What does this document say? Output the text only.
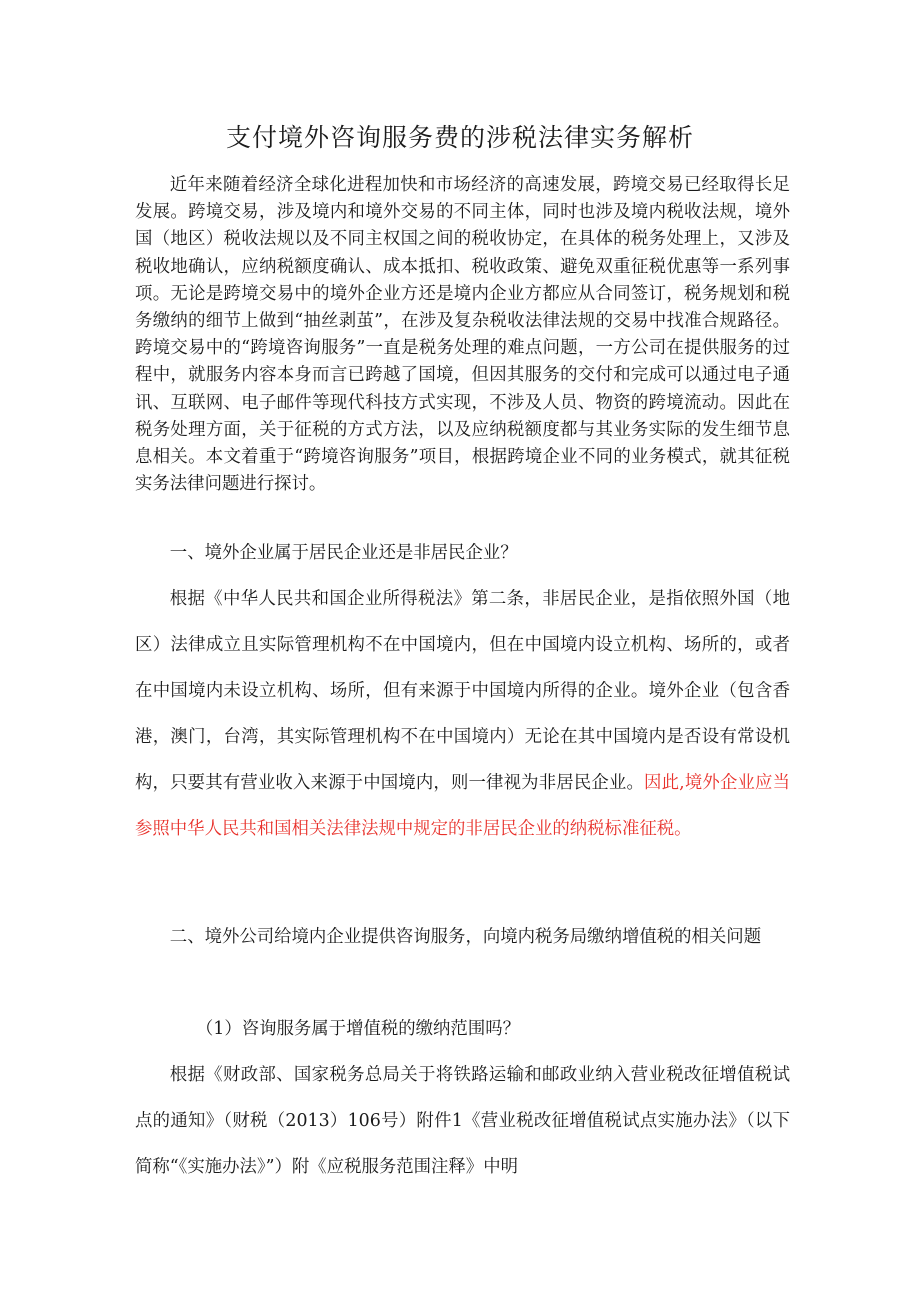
支付境外咨询服务费的涉税法律实务解析

近年来随着经济全球化进程加快和市场经济的高速发展，跨境交易已经取得长足发展。跨境交易，涉及境内和境外交易的不同主体，同时也涉及境内税收法规，境外国（地区）税收法规以及不同主权国之间的税收协定，在具体的税务处理上，又涉及税收地确认，应纳税额度确认、成本抵扣、税收政策、避免双重征税优惠等一系列事项。无论是跨境交易中的境外企业方还是境内企业方都应从合同签订，税务规划和税务缴纳的细节上做到“抽丝剥茧”，在涉及复杂税收法律法规的交易中找准合规路径。跨境交易中的“跨境咨询服务”一直是税务处理的难点问题，一方公司在提供服务的过程中，就服务内容本身而言已跨越了国境，但因其服务的交付和完成可以通过电子通讯、互联网、电子邮件等现代科技方式实现，不涉及人员、物资的跨境流动。因此在税务处理方面，关于征税的方式方法，以及应纳税额度都与其业务实际的发生细节息息相关。本文着重于“跨境咨询服务”项目，根据跨境企业不同的业务模式，就其征税实务法律问题进行探讨。

一、境外企业属于居民企业还是非居民企业？

根据《中华人民共和国企业所得税法》第二条，非居民企业，是指依照外国（地区）法律成立且实际管理机构不在中国境内，但在中国境内设立机构、场所的，或者在中国境内未设立机构、场所，但有来源于中国境内所得的企业。境外企业（包含香港，澳门，台湾，其实际管理机构不在中国境内）无论在其中国境内是否设有常设机构，只要其有营业收入来源于中国境内，则一律视为非居民企业。因此,境外企业应当参照中华人民共和国相关法律法规中规定的非居民企业的纳税标准征税。

二、境外公司给境内企业提供咨询服务，向境内税务局缴纳增值税的相关问题

（1）咨询服务属于增值税的缴纳范围吗？

根据《财政部、国家税务总局关于将铁路运输和邮政业纳入营业税改征增值税试点的通知》（财税（2013）106号）附件1《营业税改征增值税试点实施办法》（以下简称“《实施办法》”）附《应税服务范围注释》中明
